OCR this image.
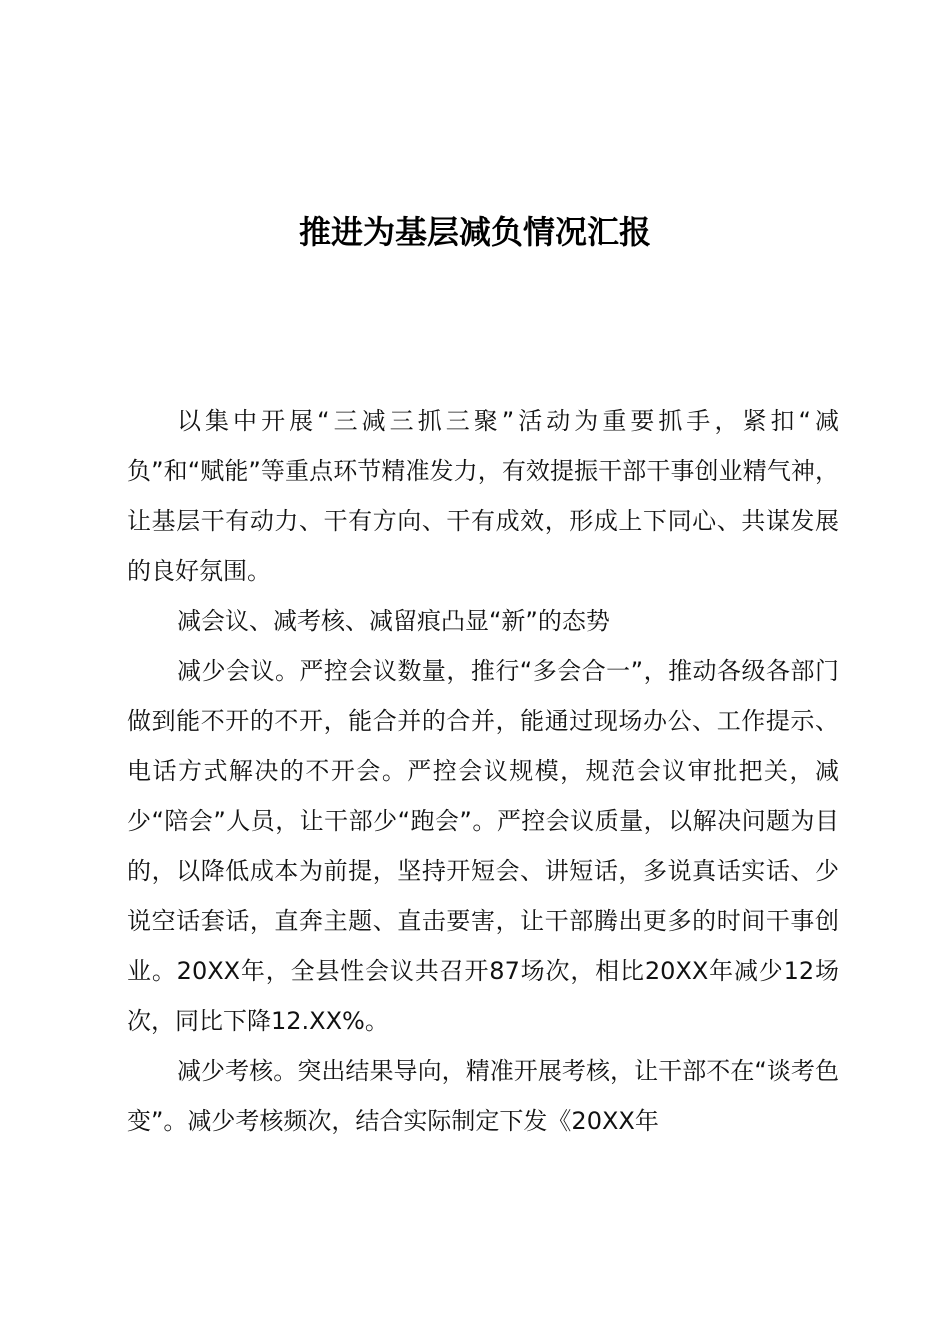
推进为基层减负情况汇报

以集中开展“三减三抓三聚”活动为重要抓手，紧扣“减负”和“赋能”等重点环节精准发力，有效提振干部干事创业精气神，让基层干有动力、干有方向、干有成效，形成上下同心、共谋发展的良好氛围。

减会议、减考核、减留痕凸显“新”的态势

减少会议。严控会议数量，推行“多会合一”，推动各级各部门做到能不开的不开，能合并的合并，能通过现场办公、工作提示、电话方式解决的不开会。严控会议规模，规范会议审批把关，减少“陪会”人员，让干部少“跑会”。严控会议质量，以解决问题为目的，以降低成本为前提，坚持开短会、讲短话，多说真话实话、少说空话套话，直奔主题、直击要害，让干部腾出更多的时间干事创业。20XX年，全县性会议共召开87场次，相比20XX年减少12场次，同比下降12.XX%。

减少考核。突出结果导向，精准开展考核，让干部不在“谈考色变”。减少考核频次，结合实际制定下发《20XX年
